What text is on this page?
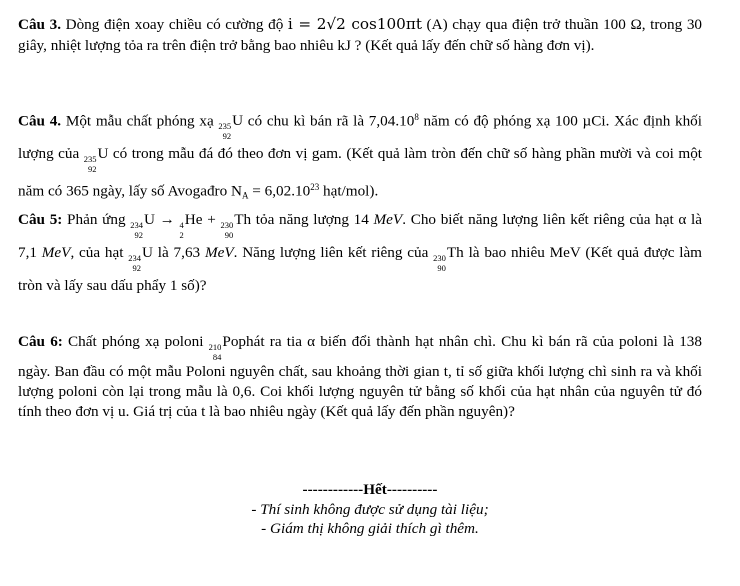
Câu 3. Dòng điện xoay chiều có cường độ i = 2√2 cos100πt (A) chạy qua điện trở thuần 100 Ω, trong 30 giây, nhiệt lượng tỏa ra trên điện trở bằng bao nhiêu kJ ? (Kết quả lấy đến chữ số hàng đơn vị).

Câu 4. Một mẫu chất phóng xạ 235
92
U có chu kì bán rã là 7,04.10$^8$ năm có độ phóng xạ 100 µCi. Xác định khối lượng của 235
92
U có trong mẫu đá đó theo đơn vị gam. (Kết quả làm tròn đến chữ số hàng phần mười và coi một năm có 365 ngày, lấy số Avogađro $N_A = 6,02.10^{23}$ hạt/mol).

Câu 5: Phản ứng 234
92
U → 4
2
He + 230
90
Th tỏa năng lượng 14 MeV. Cho biết năng lượng liên kết riêng của hạt α là 7,1 MeV, của hạt 234
92
U là 7,63 MeV. Năng lượng liên kết riêng của 230
90
Th là bao nhiêu MeV (Kết quả được làm tròn và lấy sau dấu phẩy 1 số)?

Câu 6: Chất phóng xạ poloni 210
84
Pophát ra tia α biến đổi thành hạt nhân chì. Chu kì bán rã của poloni là 138 ngày. Ban đầu có một mẫu Poloni nguyên chất, sau khoảng thời gian t, tỉ số giữa khối lượng chì sinh ra và khối lượng poloni còn lại trong mẫu là 0,6. Coi khối lượng nguyên tử bằng số khối của hạt nhân của nguyên tử đó tính theo đơn vị u. Giá trị của t là bao nhiêu ngày (Kết quả lấy đến phần nguyên)?

------------Hết----------
- Thí sinh không được sử dụng tài liệu;
- Giám thị không giải thích gì thêm.
